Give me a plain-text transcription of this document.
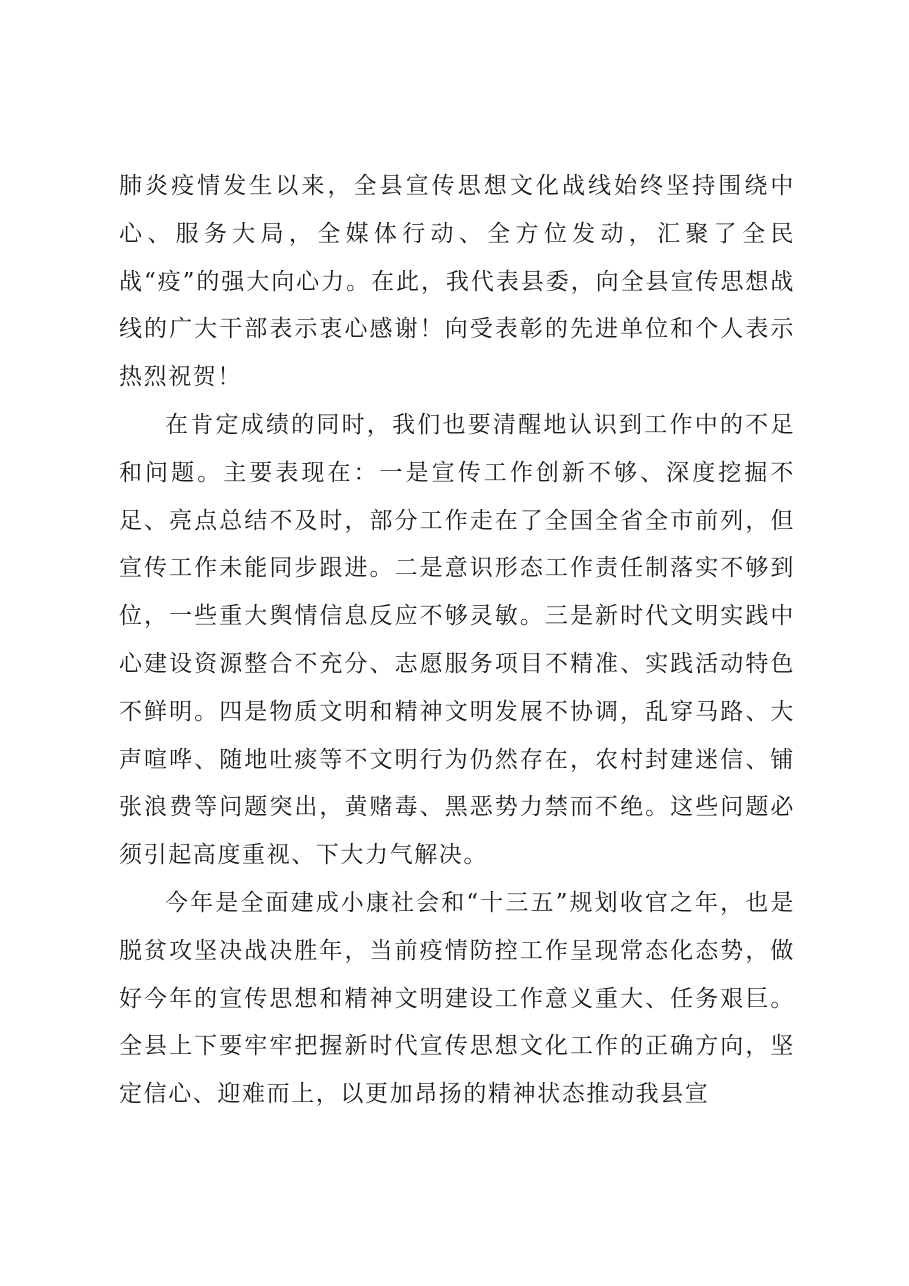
肺炎疫情发生以来，全县宣传思想文化战线始终坚持围绕中心、服务大局，全媒体行动、全方位发动，汇聚了全民战“疫”的强大向心力。在此，我代表县委，向全县宣传思想战线的广大干部表示衷心感谢！向受表彰的先进单位和个人表示热烈祝贺！

在肯定成绩的同时，我们也要清醒地认识到工作中的不足和问题。主要表现在：一是宣传工作创新不够、深度挖掘不足、亮点总结不及时，部分工作走在了全国全省全市前列，但宣传工作未能同步跟进。二是意识形态工作责任制落实不够到位，一些重大舆情信息反应不够灵敏。三是新时代文明实践中心建设资源整合不充分、志愿服务项目不精准、实践活动特色不鲜明。四是物质文明和精神文明发展不协调，乱穿马路、大声喧哗、随地吐痰等不文明行为仍然存在，农村封建迷信、铺张浪费等问题突出，黄赌毒、黑恶势力禁而不绝。这些问题必须引起高度重视、下大力气解决。

今年是全面建成小康社会和“十三五”规划收官之年，也是脱贫攻坚决战决胜年，当前疫情防控工作呈现常态化态势，做好今年的宣传思想和精神文明建设工作意义重大、任务艰巨。全县上下要牢牢把握新时代宣传思想文化工作的正确方向，坚定信心、迎难而上，以更加昂扬的精神状态推动我县宣
